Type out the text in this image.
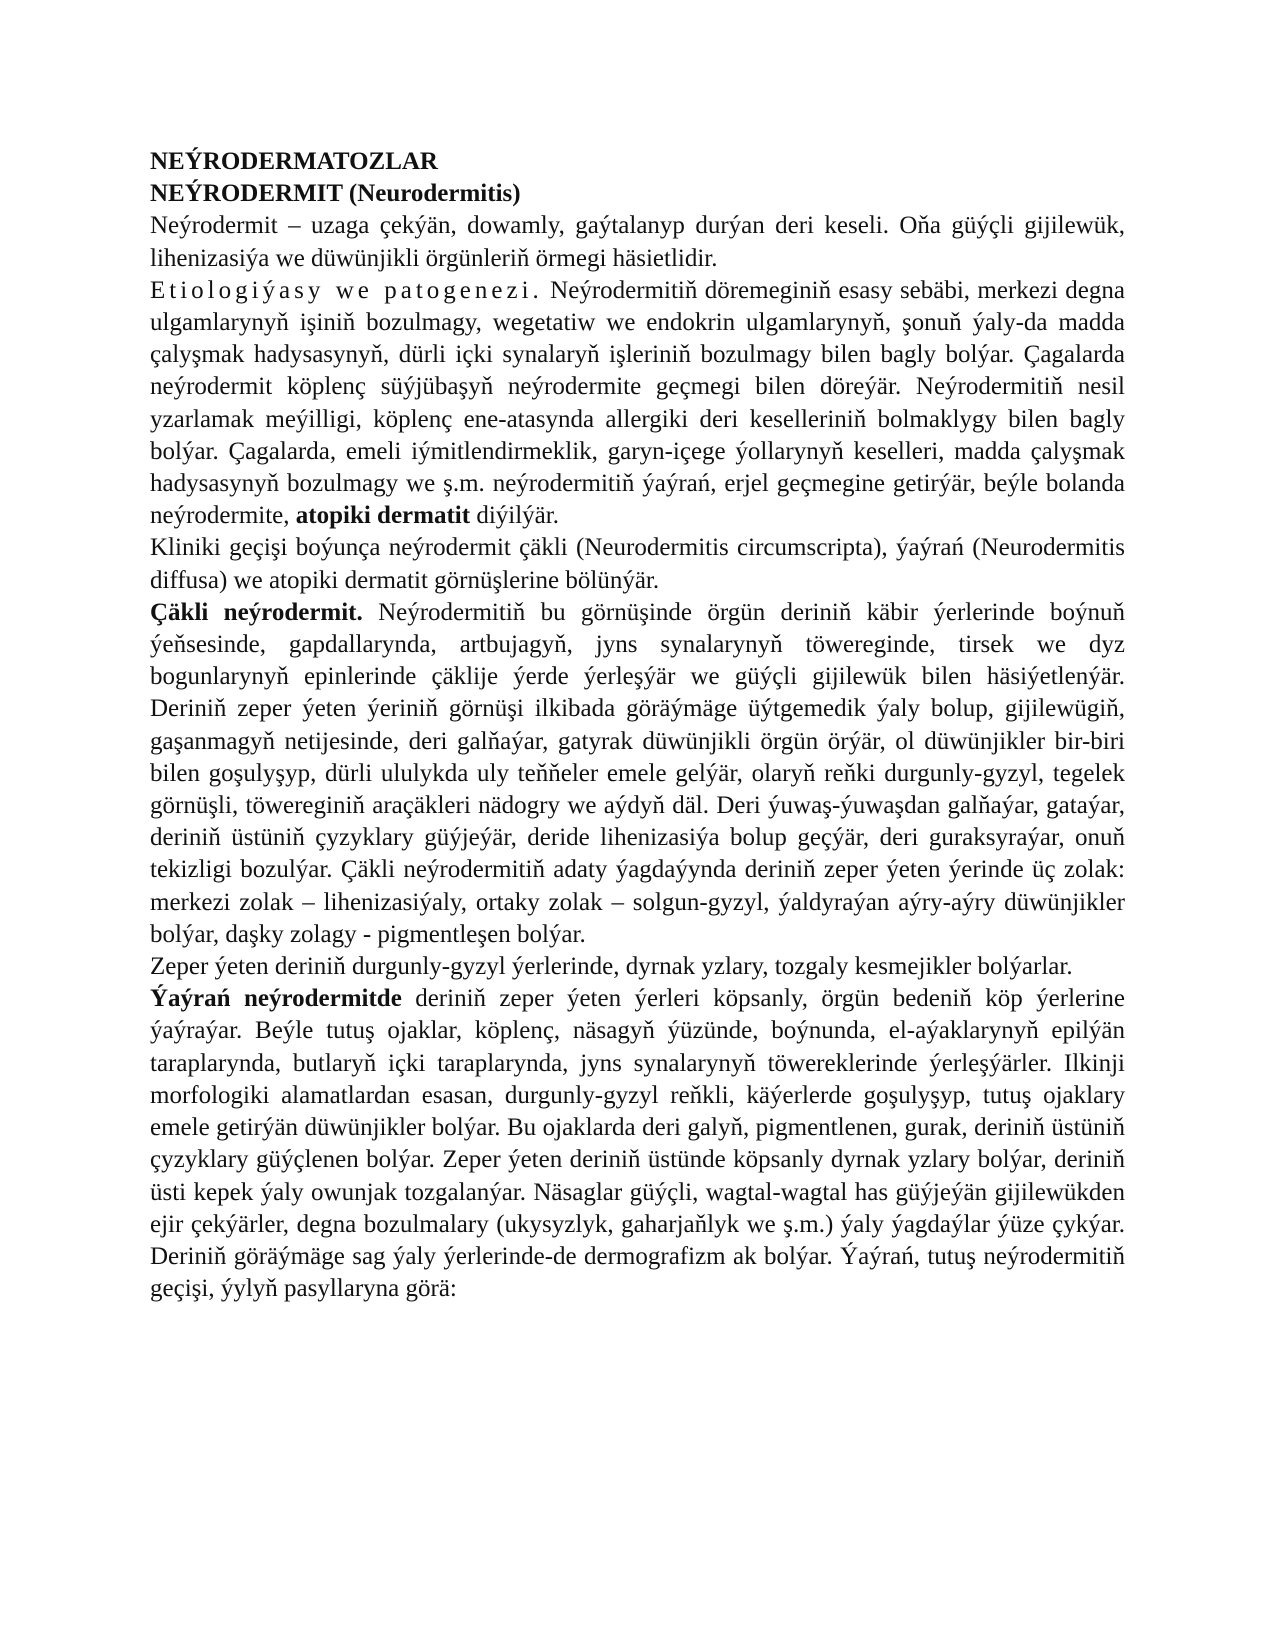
NEÝRODERMATOZLAR
NEÝRODERMIT (Neurodermitis)

Neýrodermit – uzaga çekýän, dowamly, gaýtalanyp durýan deri keseli. Oňa güýçli gijilewük, lihenizasiýa we düwünjikli örgünleriň örmegi häsietlidir.

Etiologiýasy we patogenezi. Neýrodermitiň döremeginiň esasy sebäbi, merkezi degna ulgamlarynyň işiniň bozulmagy, wegetatiw we endokrin ulgamlarynyň, şonuň ýaly-da madda çalyşmak hadysasynyň, dürli içki synalaryň işleriniň bozulmagy bilen bagly bolýar. Çagalarda neýrodermit köplenç süýjübaşyň neýrodermite geçmegi bilen döreýär. Neýrodermitiň nesil yzarlamak meýilligi, köplenç ene-atasynda allergiki deri keselleriniň bolmaklygy bilen bagly bolýar. Çagalarda, emeli iýmitlendirmeklik, garyn-içege ýollarynyň keselleri, madda çalyşmak hadysasynyň bozulmagy we ş.m. neýrodermitiň ýaýrań, erjel geçmegine getirýär, beýle bolanda neýrodermite, atopiki dermatit diýilýär.

Kliniki geçişi boýunça neýrodermit çäkli (Neurodermitis circumscripta), ýaýrań (Neurodermitis diffusa) we atopiki dermatit görnüşlerine bölünýär.

Çäkli neýrodermit. Neýrodermitiň bu görnüşinde örgün deriniň käbir ýerlerinde boýnuň ýeňsesinde, gapdallarynda, artbujagyň, jyns synalarynyň töwereginde, tirsek we dyz bogunlarynyň epinlerinde çäklije ýerde ýerleşýär we güýçli gijilewük bilen häsiýetlenýär. Deriniň zeper ýeten ýeriniň görnüşi ilkibada göräýmäge üýtgemedik ýaly bolup, gijilewügiň, gaşanmagyň netijesinde, deri galňaýar, gatyrak düwünjikli örgün örýär, ol düwünjikler bir-biri bilen goşulyşyp, dürli ululykda uly teňňeler emele gelýär, olaryň reňki durgunly-gyzyl, tegelek görnüşli, töwereginiň araçäkleri nädogry we aýdyň däl. Deri ýuwaş-ýuwaşdan galňaýar, gataýar, deriniň üstüniň çyzyklary güýjeýär, deride lihenizasiýa bolup geçýär, deri guraksyraýar, onuň tekizligi bozulýar. Çäkli neýrodermitiň adaty ýagdaýynda deriniň zeper ýeten ýerinde üç zolak: merkezi zolak – lihenizasiýaly, ortaky zolak – solgun-gyzyl, ýaldyraýan aýry-aýry düwünjikler bolýar, daşky zolagy - pigmentleşen bolýar.

Zeper ýeten deriniň durgunly-gyzyl ýerlerinde, dyrnak yzlary, tozgaly kesmejikler bolýarlar.

Ýaýrań neýrodermitde deriniň zeper ýeten ýerleri köpsanly, örgün bedeniň köp ýerlerine ýaýraýar. Beýle tutuş ojaklar, köplenç, näsagyň ýüzünde, boýnunda, el-aýaklarynyň epilýän taraplarynda, butlaryň içki taraplarynda, jyns synalarynyň töwereklerinde ýerleşýärler. Ilkinji morfologiki alamatlardan esasan, durgunly-gyzyl reňkli, käýerlerde goşulyşyp, tutuş ojaklary emele getirýän düwünjikler bolýar. Bu ojaklarda deri galyň, pigmentlenen, gurak, deriniň üstüniň çyzyklary güýçlenen bolýar. Zeper ýeten deriniň üstünde köpsanly dyrnak yzlary bolýar, deriniň üsti kepek ýaly owunjak tozgalanýar. Näsaglar güýçli, wagtal-wagtal has güýjeýän gijilewükden ejir çekýärler, degna bozulmalary (ukysyzlyk, gaharjaňlyk we ş.m.) ýaly ýagdaýlar ýüze çykýar. Deriniň göräýmäge sag ýaly ýerlerinde-de dermografizm ak bolýar. Ýaýrań, tutuş neýrodermitiň geçişi, ýylyň pasyllaryna görä:
